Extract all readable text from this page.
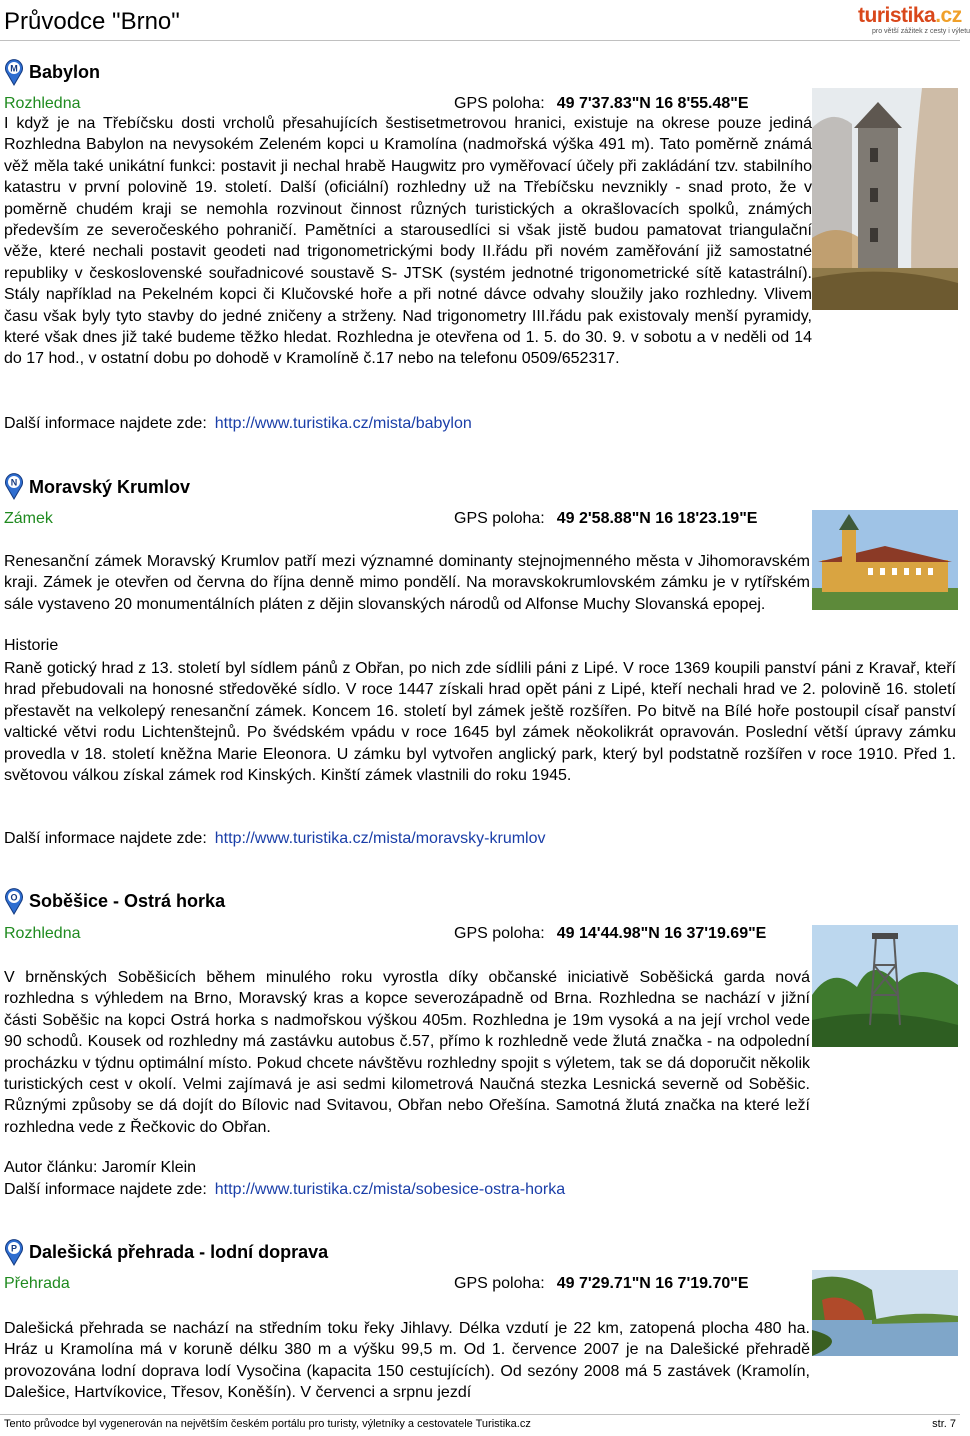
Průvodce "Brno"	turistika.cz
pro větší zážitek z cesty i výletu
M Babylon
Rozhledna	GPS poloha: 49 7'37.83"N 16 8'55.48"E
I když je na Třebíčsku dosti vrcholů přesahujících šestisetmetrovou hranici, existuje na okrese pouze jediná Rozhledna Babylon na nevysokém Zeleném kopci u Kramolína (nadmořská výška 491 m). Tato poměrně známá věž měla také unikátní funkci: postavit ji nechal hrabě Haugwitz pro vyměřovací účely při zakládání tzv. stabilního katastru v první polovině 19. století. Další (oficiální) rozhledny už na Třebíčsku nevznikly - snad proto, že v poměrně chudém kraji se nemohla rozvinout činnost různých turistických a okrašlovacích spolků, známých především ze severočeského pohraničí. Pamětníci a starousedlíci si však jistě budou pamatovat triangulační věže, které nechali postavit geodeti nad trigonometrickými body II.řádu při novém zaměřování již samostatné republiky v československé souřadnicové soustavě S- JTSK (systém jednotné trigonometrické sítě katastrální). Stály například na Pekelném kopci či Klučovské hoře a při notné dávce odvahy sloužily jako rozhledny. Vlivem času však byly tyto stavby do jedné zničeny a strženy. Nad trigonometry III.řádu pak existovaly menší pyramidy, které však dnes již také budeme těžko hledat. Rozhledna je otevřena od 1. 5. do 30. 9. v sobotu a v neděli od 14 do 17 hod., v ostatní dobu po dohodě v Kramolíně č.17 nebo na telefonu 0509/652317.
Další informace najdete zde: http://www.turistika.cz/mista/babylon
N Moravský Krumlov
Zámek	GPS poloha: 49 2'58.88"N 16 18'23.19"E
Renesanční zámek Moravský Krumlov patří mezi významné dominanty stejnojmenného města v Jihomoravském kraji. Zámek je otevřen od června do října denně mimo pondělí. Na moravskokrumlovském zámku je v rytířském sále vystaveno 20 monumentálních pláten z dějin slovanských národů od Alfonse Muchy Slovanská epopej.
Historie
Raně gotický hrad z 13. století byl sídlem pánů z Obřan, po nich zde sídlili páni z Lipé. V roce 1369 koupili panství páni z Kravař, kteří hrad přebudovali na honosné středověké sídlo. V roce 1447 získali hrad opět páni z Lipé, kteří nechali hrad ve 2. polovině 16. století přestavět na velkolepý renesanční zámek. Koncem 16. století byl zámek ještě rozšířen. Po bitvě na Bílé hoře postoupil císař panství valtické větvi rodu Lichtenštejnů. Po švédském vpádu v roce 1645 byl zámek něokolikrát opravován. Poslední větší úpravy zámku provedla v 18. století kněžna Marie Eleonora. U zámku byl vytvořen anglický park, který byl podstatně rozšířen v roce 1910. Před 1. světovou válkou získal zámek rod Kinských. Kinští zámek vlastnili do roku 1945.
Další informace najdete zde: http://www.turistika.cz/mista/moravsky-krumlov
O Soběšice - Ostrá horka
Rozhledna	GPS poloha: 49 14'44.98"N 16 37'19.69"E
V brněnských Soběšicích během minulého roku vyrostla díky občanské iniciativě Soběšická garda nová rozhledna s výhledem na Brno, Moravský kras a kopce severozápadně od Brna. Rozhledna se nachází v jižní části Soběšic na kopci Ostrá horka s nadmořskou výškou 405m. Rozhledna je 19m vysoká a na její vrchol vede 90 schodů. Kousek od rozhledny má zastávku autobus č.57, přímo k rozhledně vede žlutá značka - na odpolední procházku v týdnu optimální místo. Pokud chcete návštěvu rozhledny spojit s výletem, tak se dá doporučit několik turistických cest v okolí. Velmi zajímavá je asi sedmi kilometrová Naučná stezka Lesnická severně od Soběšic. Různými způsoby se dá dojít do Bílovic nad Svitavou, Obřan nebo Ořešína. Samotná žlutá značka na které leží rozhledna vede z Řečkovic do Obřan.
Autor článku: Jaromír Klein
Další informace najdete zde: http://www.turistika.cz/mista/sobesice-ostra-horka
P Dalešická přehrada - lodní doprava
Přehrada	GPS poloha: 49 7'29.71"N 16 7'19.70"E
Dalešická přehrada se nachází na středním toku řeky Jihlavy. Délka vzdutí je 22 km, zatopená plocha 480 ha. Hráz u Kramolína má v koruně délku 380 m a výšku 99,5 m. Od 1. července 2007 je na Dalešické přehradě provozována lodní doprava lodí Vysočina (kapacita 150 cestujících). Od sezóny 2008 má 5 zastávek (Kramolín, Dalešice, Hartvíkovice, Třesov, Koněšín). V červenci a srpnu jezdí
Tento průvodce byl vygenerován na největším českém portálu pro turisty, výletníky a cestovatele Turistika.cz	str. 7
